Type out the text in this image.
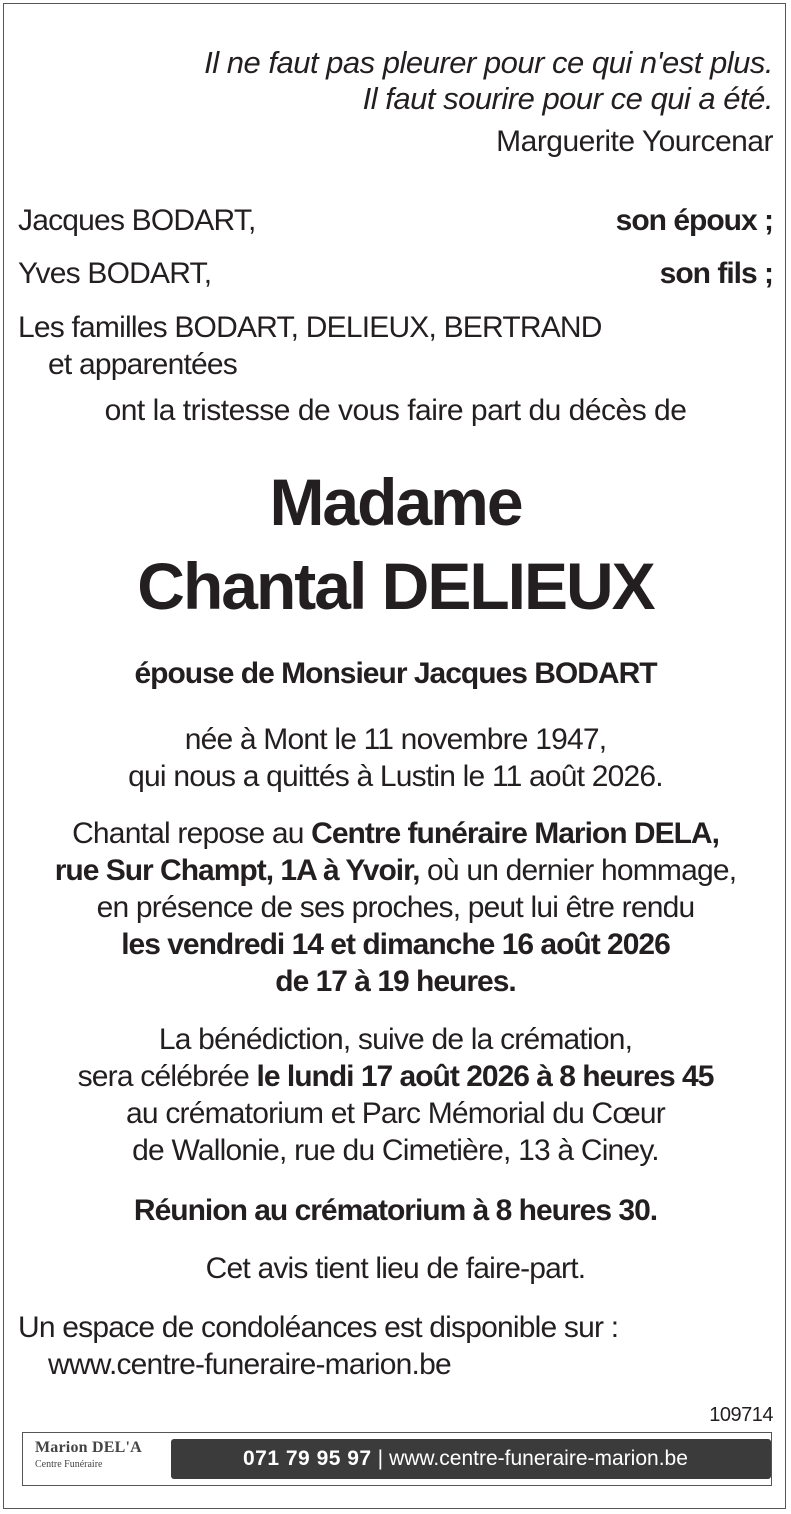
Il ne faut pas pleurer pour ce qui n'est plus.
Il faut sourire pour ce qui a été.
Marguerite Yourcenar
Jacques BODART,	son époux ;
Yves BODART,	son fils ;
Les familles BODART, DELIEUX, BERTRAND
et apparentées
ont la tristesse de vous faire part du décès de
Madame
Chantal DELIEUX
épouse de Monsieur Jacques BODART
née à Mont le 11 novembre 1947,
qui nous a quittés à Lustin le 11 août 2026.
Chantal repose au Centre funéraire Marion DELA,
rue Sur Champt, 1A à Yvoir, où un dernier hommage,
en présence de ses proches, peut lui être rendu
les vendredi 14 et dimanche 16 août 2026
de 17 à 19 heures.
La bénédiction, suive de la crémation,
sera célébrée le lundi 17 août 2026 à 8 heures 45
au crématorium et Parc Mémorial du Cœur
de Wallonie, rue du Cimetière, 13 à Ciney.
Réunion au crématorium à 8 heures 30.
Cet avis tient lieu de faire-part.
Un espace de condoléances est disponible sur :
www.centre-funeraire-marion.be
109714
Marion DEL'A
Centre Funéraire	071 79 95 97 | www.centre-funeraire-marion.be
